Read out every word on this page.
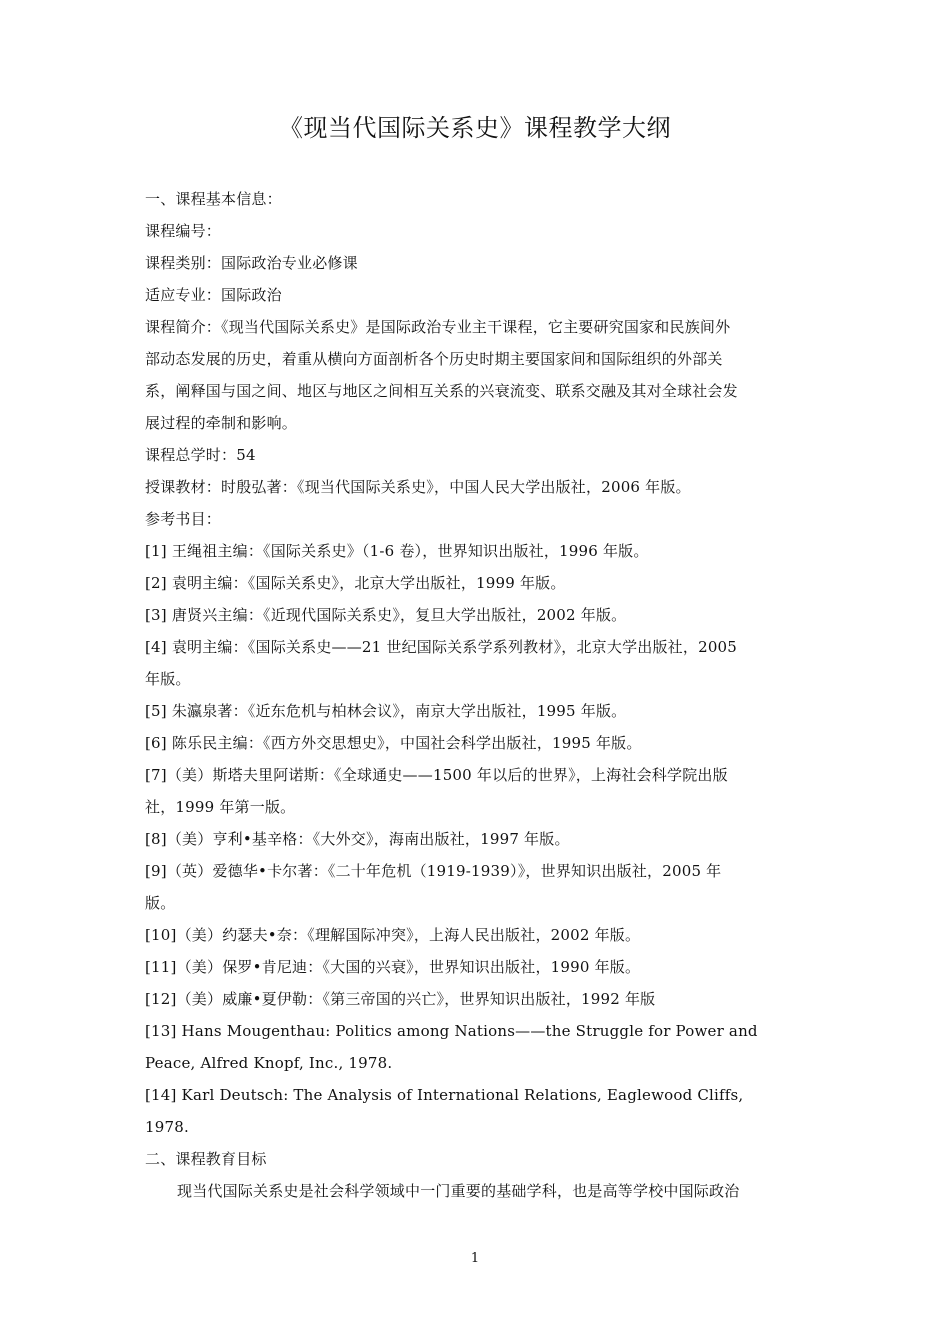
《现当代国际关系史》课程教学大纲

一、课程基本信息：

课程编号：

课程类别：国际政治专业必修课

适应专业：国际政治

课程简介：《现当代国际关系史》是国际政治专业主干课程，它主要研究国家和民族间外

部动态发展的历史，着重从横向方面剖析各个历史时期主要国家间和国际组织的外部关

系，阐释国与国之间、地区与地区之间相互关系的兴衰流变、联系交融及其对全球社会发

展过程的牵制和影响。

课程总学时：54

授课教材：时殷弘著：《现当代国际关系史》，中国人民大学出版社，2006 年版。

参考书目：

[1] 王绳祖主编：《国际关系史》（1-6 卷），世界知识出版社，1996 年版。

[2] 袁明主编：《国际关系史》，北京大学出版社，1999 年版。

[3] 唐贤兴主编：《近现代国际关系史》，复旦大学出版社，2002 年版。

[4] 袁明主编：《国际关系史——21 世纪国际关系学系列教材》，北京大学出版社，2005

年版。

[5] 朱瀛泉著：《近东危机与柏林会议》，南京大学出版社，1995 年版。

[6] 陈乐民主编：《西方外交思想史》，中国社会科学出版社，1995 年版。

[7]（美）斯塔夫里阿诺斯：《全球通史——1500 年以后的世界》，上海社会科学院出版

社，1999 年第一版。

[8]（美）亨利•基辛格：《大外交》，海南出版社，1997 年版。

[9]（英）爱德华•卡尔著：《二十年危机（1919-1939）》，世界知识出版社，2005 年

版。

[10]（美）约瑟夫•奈：《理解国际冲突》，上海人民出版社，2002 年版。

[11]（美）保罗•肯尼迪：《大国的兴衰》，世界知识出版社，1990 年版。

[12]（美）威廉•夏伊勒：《第三帝国的兴亡》，世界知识出版社，1992 年版

[13] Hans Mougenthau: Politics among Nations——the Struggle for Power and

Peace, Alfred Knopf, Inc., 1978.

[14] Karl Deutsch: The Analysis of International Relations, Eaglewood Cliffs,

1978.

二、课程教育目标

现当代国际关系史是社会科学领域中一门重要的基础学科，也是高等学校中国际政治

1
